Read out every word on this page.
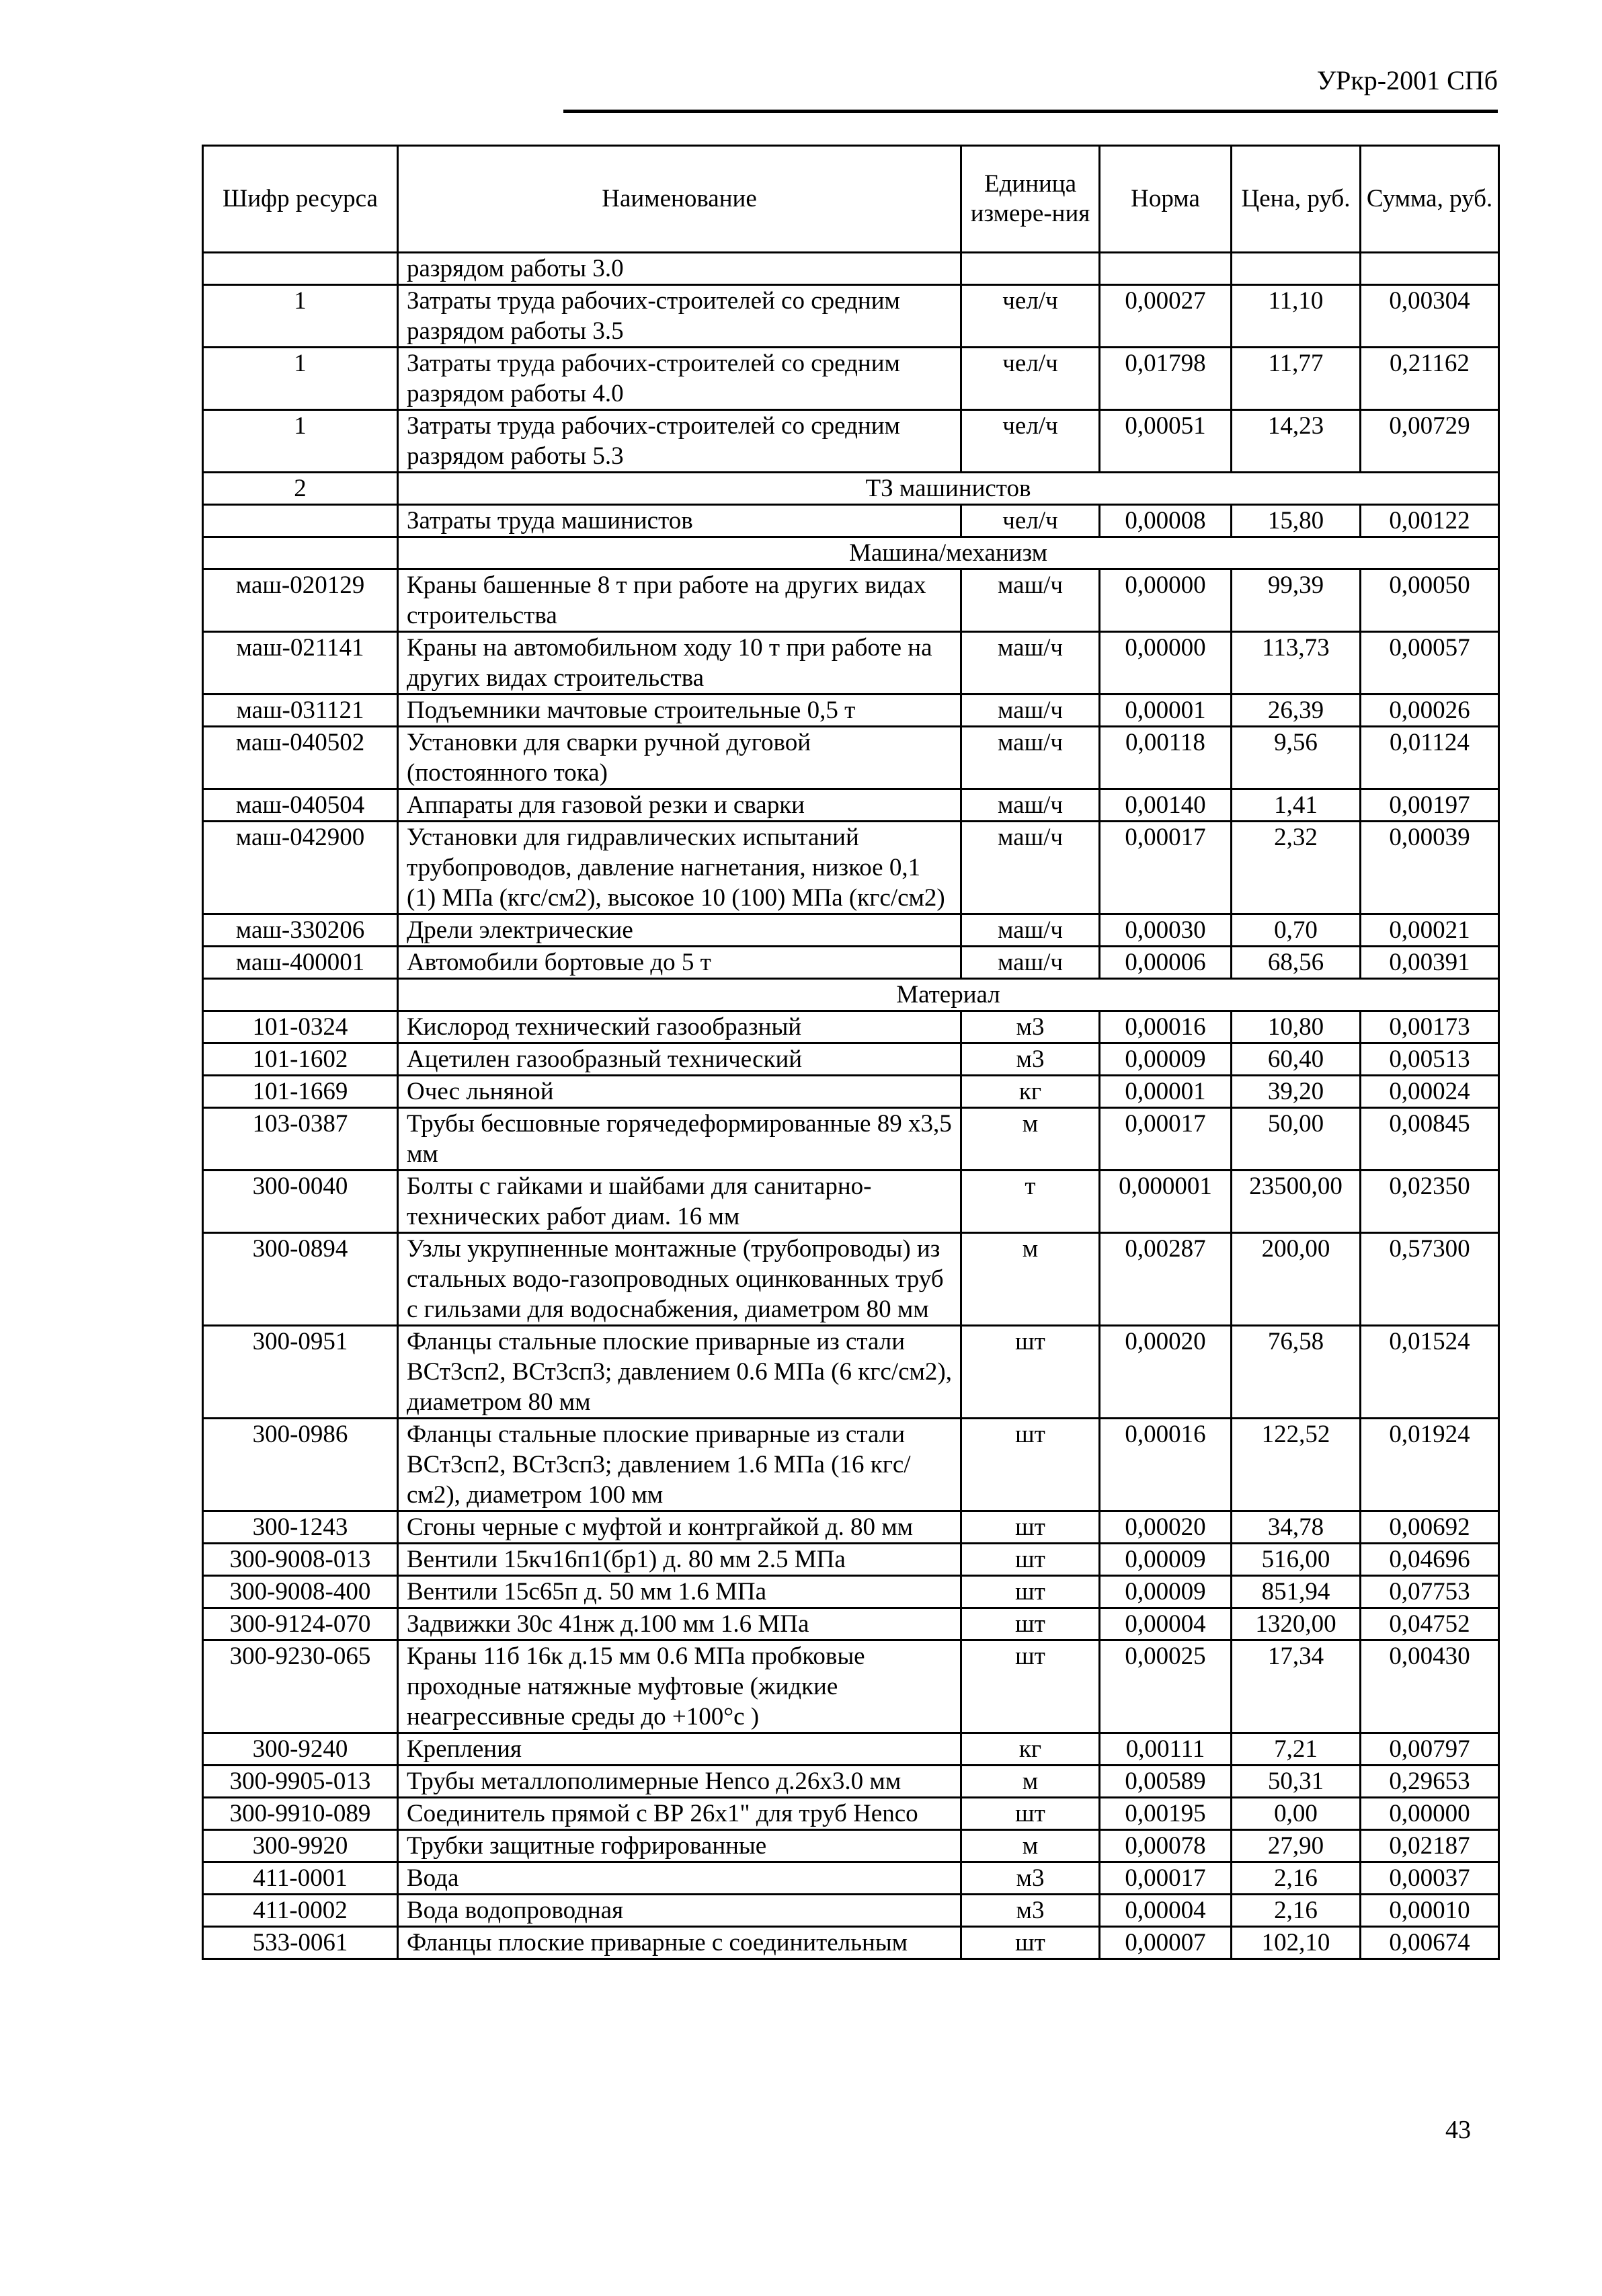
УРкр-2001 СПб
Шифр ресурса	Наименование	Единица измере-ния	Норма	Цена, руб.	Сумма, руб.
	разрядом работы 3.0				
1	Затраты труда рабочих-строителей со средним разрядом работы 3.5	чел/ч	0,00027	11,10	0,00304
1	Затраты труда рабочих-строителей со средним разрядом работы 4.0	чел/ч	0,01798	11,77	0,21162
1	Затраты труда рабочих-строителей со средним разрядом работы 5.3	чел/ч	0,00051	14,23	0,00729
2	ТЗ машинистов				
	Затраты труда машинистов	чел/ч	0,00008	15,80	0,00122
	Машина/механизм				
маш-020129	Краны башенные 8 т при работе на других видах строительства	маш/ч	0,00000	99,39	0,00050
маш-021141	Краны на автомобильном ходу 10 т при работе на других видах строительства	маш/ч	0,00000	113,73	0,00057
маш-031121	Подъемники мачтовые строительные 0,5 т	маш/ч	0,00001	26,39	0,00026
маш-040502	Установки для сварки ручной дуговой (постоянного тока)	маш/ч	0,00118	9,56	0,01124
маш-040504	Аппараты для газовой резки и сварки	маш/ч	0,00140	1,41	0,00197
маш-042900	Установки для гидравлических испытаний трубопроводов, давление нагнетания, низкое 0,1 (1) МПа (кгс/см2), высокое 10 (100) МПа (кгс/см2)	маш/ч	0,00017	2,32	0,00039
маш-330206	Дрели электрические	маш/ч	0,00030	0,70	0,00021
маш-400001	Автомобили бортовые до 5 т	маш/ч	0,00006	68,56	0,00391
	Материал				
101-0324	Кислород технический газообразный	м3	0,00016	10,80	0,00173
101-1602	Ацетилен газообразный технический	м3	0,00009	60,40	0,00513
101-1669	Очес льняной	кг	0,00001	39,20	0,00024
103-0387	Трубы бесшовные горячедеформированные 89 х3,5 мм	м	0,00017	50,00	0,00845
300-0040	Болты с гайками и шайбами для санитарно-технических работ диам. 16 мм	т	0,000001	23500,00	0,02350
300-0894	Узлы укрупненные монтажные (трубопроводы) из стальных водо-газопроводных оцинкованных труб с гильзами для водоснабжения, диаметром 80 мм	м	0,00287	200,00	0,57300
300-0951	Фланцы стальные плоские приварные из стали ВСт3сп2, ВСт3сп3; давлением 0.6 МПа (6 кгс/см2), диаметром 80 мм	шт	0,00020	76,58	0,01524
300-0986	Фланцы стальные плоские приварные из стали ВСт3сп2, ВСт3сп3; давлением 1.6 МПа (16 кгс/см2), диаметром 100 мм	шт	0,00016	122,52	0,01924
300-1243	Сгоны черные с муфтой и контргайкой д. 80 мм	шт	0,00020	34,78	0,00692
300-9008-013	Вентили 15кч16п1(бр1) д. 80 мм 2.5 МПа	шт	0,00009	516,00	0,04696
300-9008-400	Вентили 15с65п д. 50 мм 1.6 МПа	шт	0,00009	851,94	0,07753
300-9124-070	Задвижки 30с 41нж д.100 мм 1.6 МПа	шт	0,00004	1320,00	0,04752
300-9230-065	Краны 11б 16к д.15 мм 0.6 МПа пробковые проходные натяжные муфтовые (жидкие неагрессивные среды до +100°с )	шт	0,00025	17,34	0,00430
300-9240	Крепления	кг	0,00111	7,21	0,00797
300-9905-013	Трубы металлополимерные Henco д.26х3.0 мм	м	0,00589	50,31	0,29653
300-9910-089	Соединитель прямой с ВР 26х1" для труб Henco	шт	0,00195	0,00	0,00000
300-9920	Трубки защитные гофрированные	м	0,00078	27,90	0,02187
411-0001	Вода	м3	0,00017	2,16	0,00037
411-0002	Вода водопроводная	м3	0,00004	2,16	0,00010
533-0061	Фланцы плоские приварные с соединительным	шт	0,00007	102,10	0,00674
43
